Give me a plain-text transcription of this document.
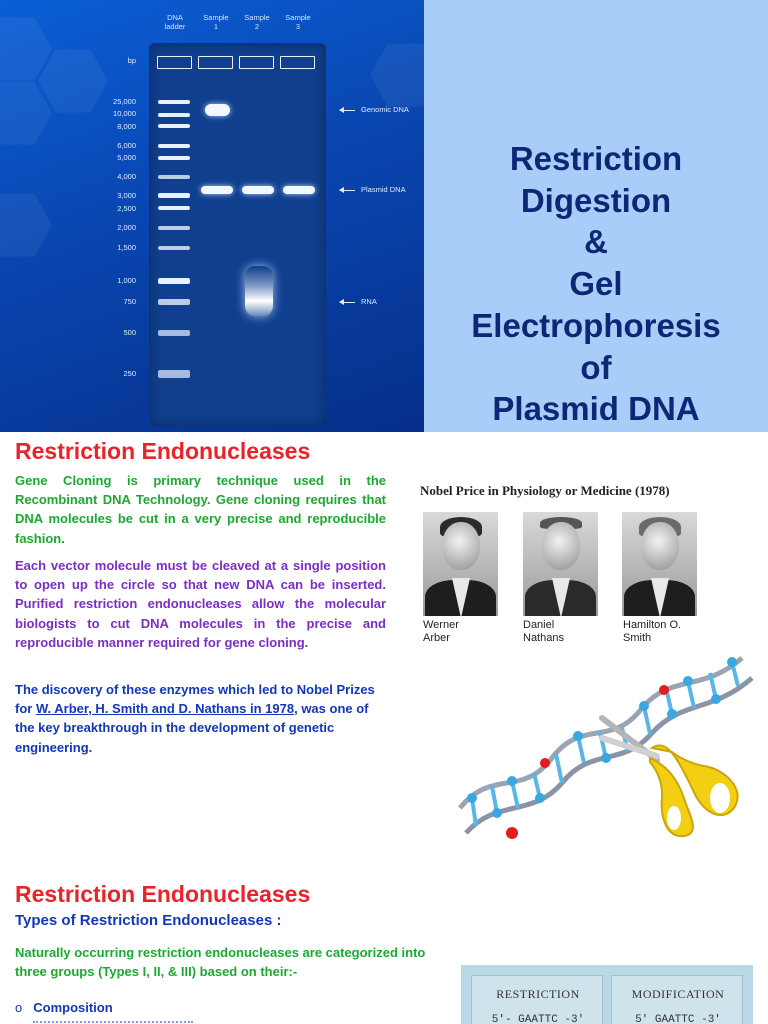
DNA
ladder
Sample
1
Sample
2
Sample
3
bp
25,000
10,000
8,000
6,000
5,000
4,000
3,000
2,500
2,000
1,500
1,000
750
500
250
Genomic DNA
Plasmid DNA
RNA
Restriction
Digestion
&
Gel
Electrophoresis
of
Plasmid DNA
Restriction Endonucleases
Gene Cloning is primary technique used in the Recombinant DNA Technology. Gene cloning requires that DNA molecules be cut in a very precise and reproducible fashion.
Each vector molecule must be cleaved at a single position to open up the circle so that new DNA can be inserted. Purified restriction endonucleases allow the molecular biologists to cut DNA molecules in the precise and reproducible manner required for gene cloning.
The discovery of these enzymes which led to Nobel Prizes for W. Arber, H. Smith and D. Nathans in 1978, was one of the key breakthrough in the development of genetic engineering.
Nobel Price in Physiology or Medicine (1978)
Werner
Arber
Daniel
Nathans
Hamilton O.
Smith
Restriction Endonucleases
Types of Restriction Endonucleases :
Naturally occurring restriction endonucleases are categorized into three groups (Types I, II, & III) based on their:-
o Composition
RESTRICTION
5'- GAATTC -3'
MODIFICATION
5' GAATTC -3'
